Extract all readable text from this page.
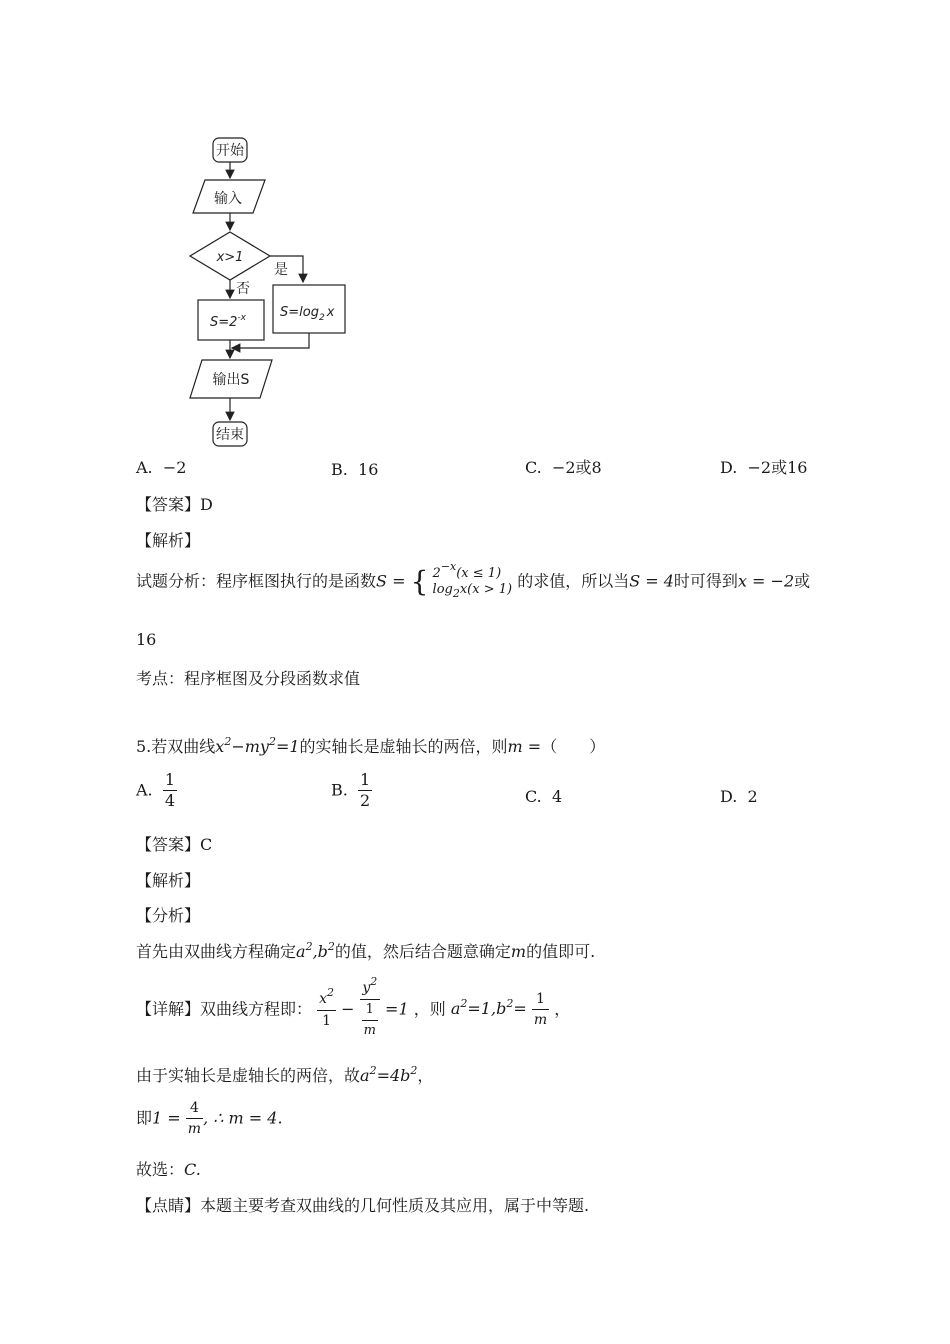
开始
输入
x>1
是
$S=\log_2$ x
否
$S=2^{-x}$
输出S
结束
A. −2	B. 16	C. −2或8	D. −2或16
【答案】D
【解析】
试题分析：程序框图执行的是函数S = { $2^{-x}(x \le 1)$
$\log_2x(x > 1)$ 的求值，所以当S = 4时可得到x = −2或
16
考点：程序框图及分段函数求值
5.若双曲线$x^2-my^2=1$的实轴长是虚轴长的两倍，则m =（　　）
A. $\frac{1}{4}$	B. $\frac{1}{2}$	C. 4	D. 2
【答案】C
【解析】
【分析】
首先由双曲线方程确定$a^2,b^2$的值，然后结合题意确定m的值即可.
【详解】双曲线方程即： $\frac{x^2}{1} - \frac{y^2}{\frac{1}{m}} =1$ ，则 $a^2=1,b^2= \frac{1}{m}$ ，
由于实轴长是虚轴长的两倍，故$a^2=4b^2$，
即$1 = \frac{4}{m}$ , ∴ m = 4.
故选：C.
【点睛】本题主要考查双曲线的几何性质及其应用，属于中等题.
